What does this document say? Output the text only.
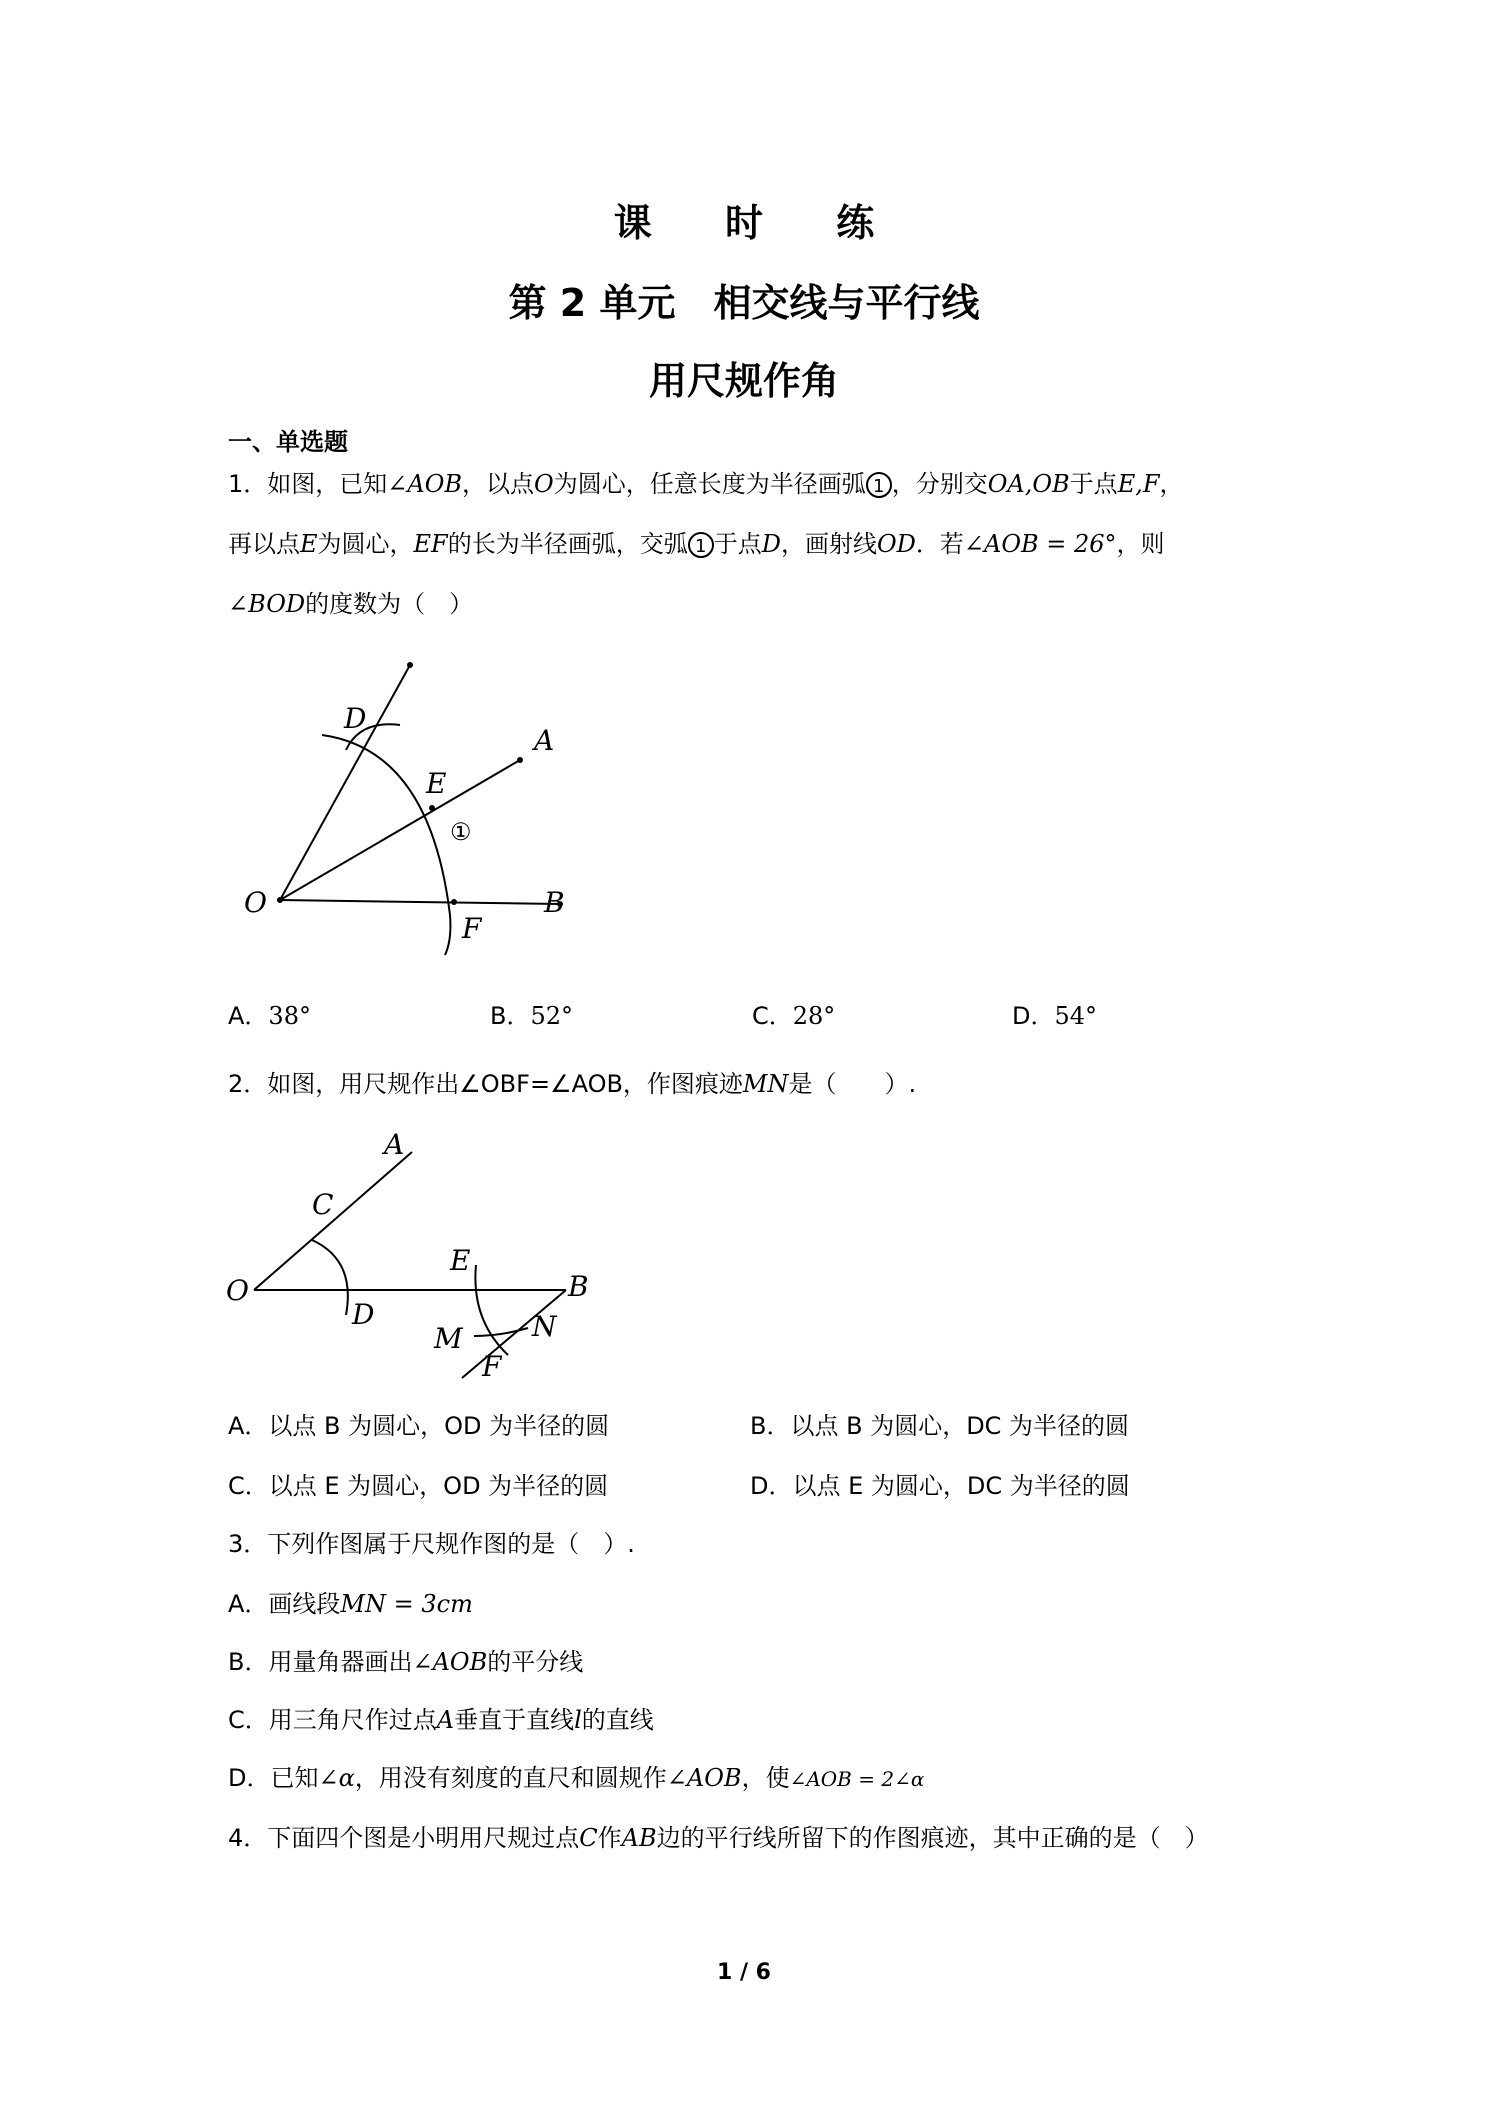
课 时 练
第 2 单元　相交线与平行线
用尺规作角
一、单选题
1．如图，已知∠AOB，以点O为圆心，任意长度为半径画弧 1 ，分别交OA,OB于点E,F，
再以点E为圆心，EF的长为半径画弧，交弧 1 于点D，画射线OD．若∠AOB = 26°，则
∠BOD的度数为（　）
D
A
E
①
O	B
F
A．38°	B．52°	C．28°	D．54°
2．如图，用尺规作出∠OBF=∠AOB，作图痕迹MN是（　　）.
A
C
O
D
E
B
M N
F
A．以点 B 为圆心，OD 为半径的圆	B．以点 B 为圆心，DC 为半径的圆
C．以点 E 为圆心，OD 为半径的圆	D．以点 E 为圆心，DC 为半径的圆
3．下列作图属于尺规作图的是（　）.
A．画线段MN = 3cm
B．用量角器画出∠AOB的平分线
C．用三角尺作过点A垂直于直线l的直线
D．已知∠α，用没有刻度的直尺和圆规作∠AOB，使∠AOB = 2∠α
4．下面四个图是小明用尺规过点C作AB边的平行线所留下的作图痕迹，其中正确的是（　）
1 / 6
